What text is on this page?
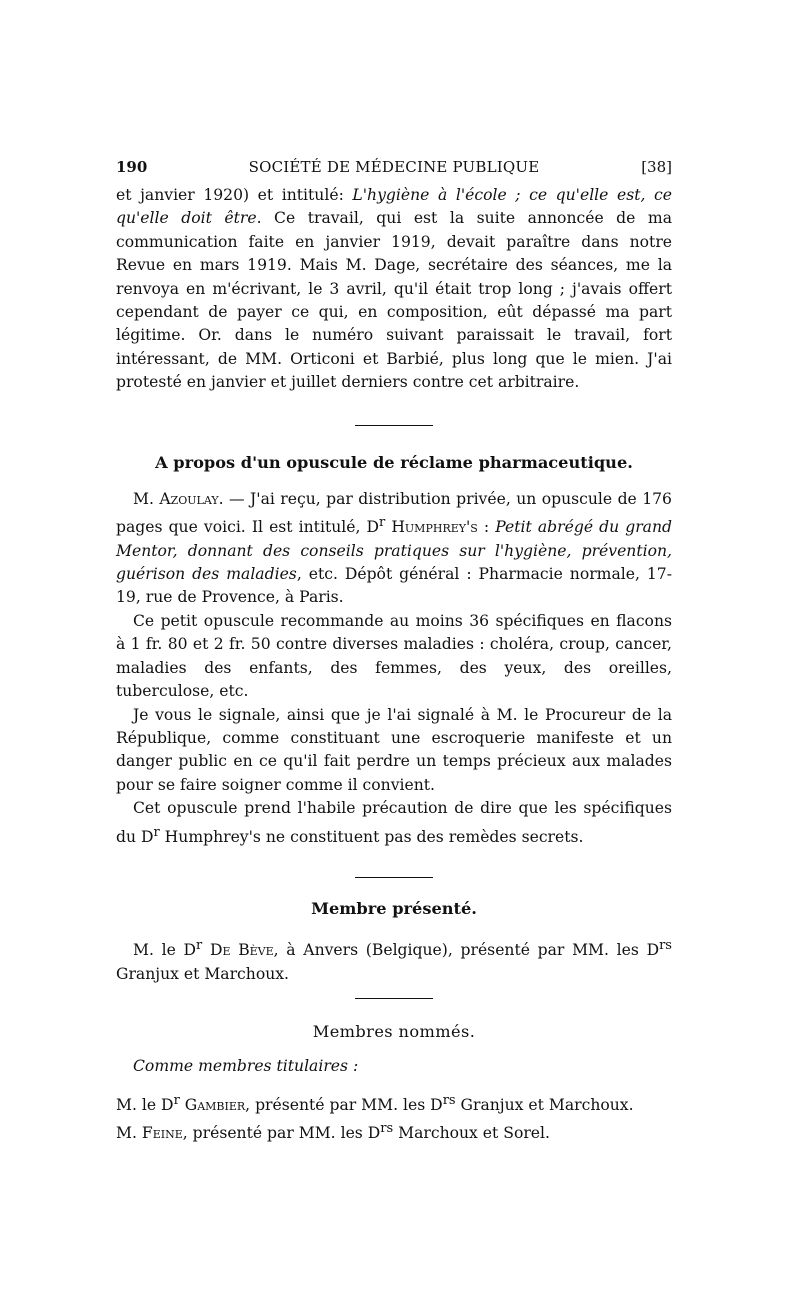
190	SOCIÉTÉ DE MÉDECINE PUBLIQUE	[38]

et janvier 1920) et intitulé: L'hygiène à l'école ; ce qu'elle est, ce qu'elle doit être. Ce travail, qui est la suite annoncée de ma communication faite en janvier 1919, devait paraître dans notre Revue en mars 1919. Mais M. Dage, secrétaire des séances, me la renvoya en m'écrivant, le 3 avril, qu'il était trop long ; j'avais offert cependant de payer ce qui, en composition, eût dépassé ma part légitime. Or. dans le numéro suivant paraissait le travail, fort intéressant, de MM. Orticoni et Barbié, plus long que le mien. J'ai protesté en janvier et juillet derniers contre cet arbitraire.

A propos d'un opuscule de réclame pharmaceutique.

M. Azoulay. — J'ai reçu, par distribution privée, un opuscule de 176 pages que voici. Il est intitulé, $D^r$ Humphrey's : Petit abrégé du grand Mentor, donnant des conseils pratiques sur l'hygiène, prévention, guérison des maladies, etc. Dépôt général : Pharmacie normale, 17-19, rue de Provence, à Paris.

Ce petit opuscule recommande au moins 36 spécifiques en flacons à 1 fr. 80 et 2 fr. 50 contre diverses maladies : choléra, croup, cancer, maladies des enfants, des femmes, des yeux, des oreilles, tuberculose, etc.

Je vous le signale, ainsi que je l'ai signalé à M. le Procureur de la République, comme constituant une escroquerie manifeste et un danger public en ce qu'il fait perdre un temps précieux aux malades pour se faire soigner comme il convient.

Cet opuscule prend l'habile précaution de dire que les spécifiques du $D^r$ Humphrey's ne constituent pas des remèdes secrets.

Membre présenté.

M. le $D^r$ De Bève, à Anvers (Belgique), présenté par MM. les $D^{rs}$ Granjux et Marchoux.

Membres nommés.
Comme membres titulaires :

M. le $D^r$ Gambier, présenté par MM. les $D^{rs}$ Granjux et Marchoux.

M. Feine, présenté par MM. les $D^{rs}$ Marchoux et Sorel.
